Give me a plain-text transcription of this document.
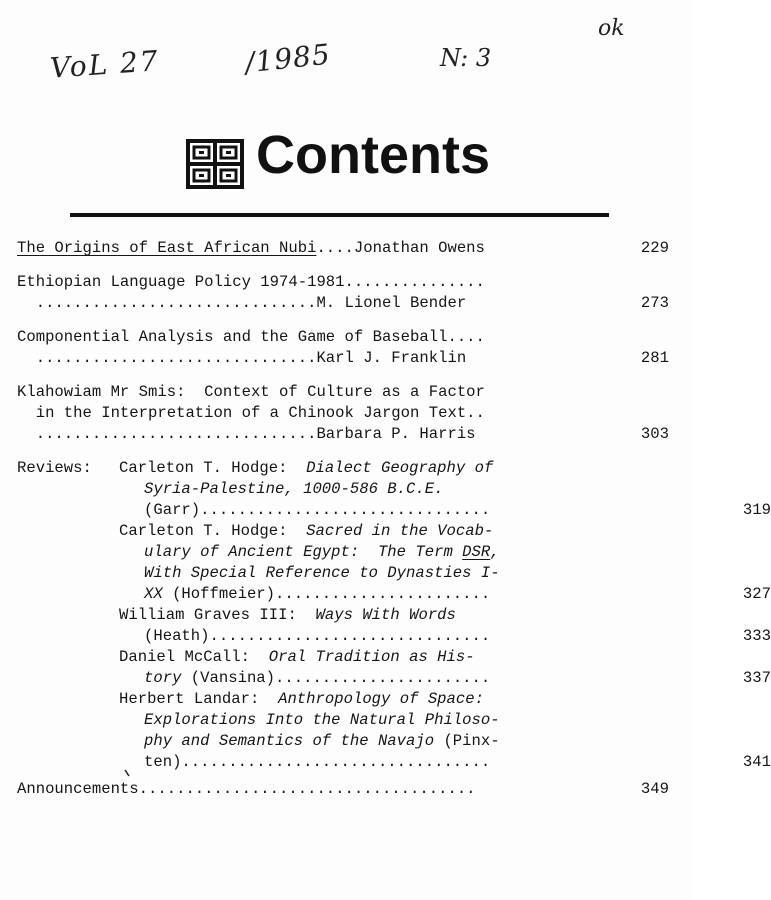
ok
VoL 27	/1985	N: 3
Contents
The Origins of East African Nubi....Jonathan Owens	229
Ethiopian Language Policy 1974-1981...............
..............................M. Lionel Bender	273
Componential Analysis and the Game of Baseball....
..............................Karl J. Franklin	281
Klahowiam Mr Smis:  Context of Culture as a Factor
in the Interpretation of a Chinook Jargon Text..
..............................Barbara P. Harris	303
Reviews: Carleton T. Hodge: Dialect Geography of
Syria-Palestine, 1000-586 B.C.E.
(Garr)...............................	319
Carleton T. Hodge: Sacred in the Vocab-
ulary of Ancient Egypt:  The Term DSR,
With Special Reference to Dynasties I-
XX (Hoffmeier).......................	327
William Graves III: Ways With Words
(Heath)..............................	333
Daniel McCall: Oral Tradition as His-
tory (Vansina).......................	337
Herbert Landar: Anthropology of Space:
Explorations Into the Natural Philoso-
phy and Semantics of the Navajo (Pinx-
ten).................................	341
Announcements....................................	349
